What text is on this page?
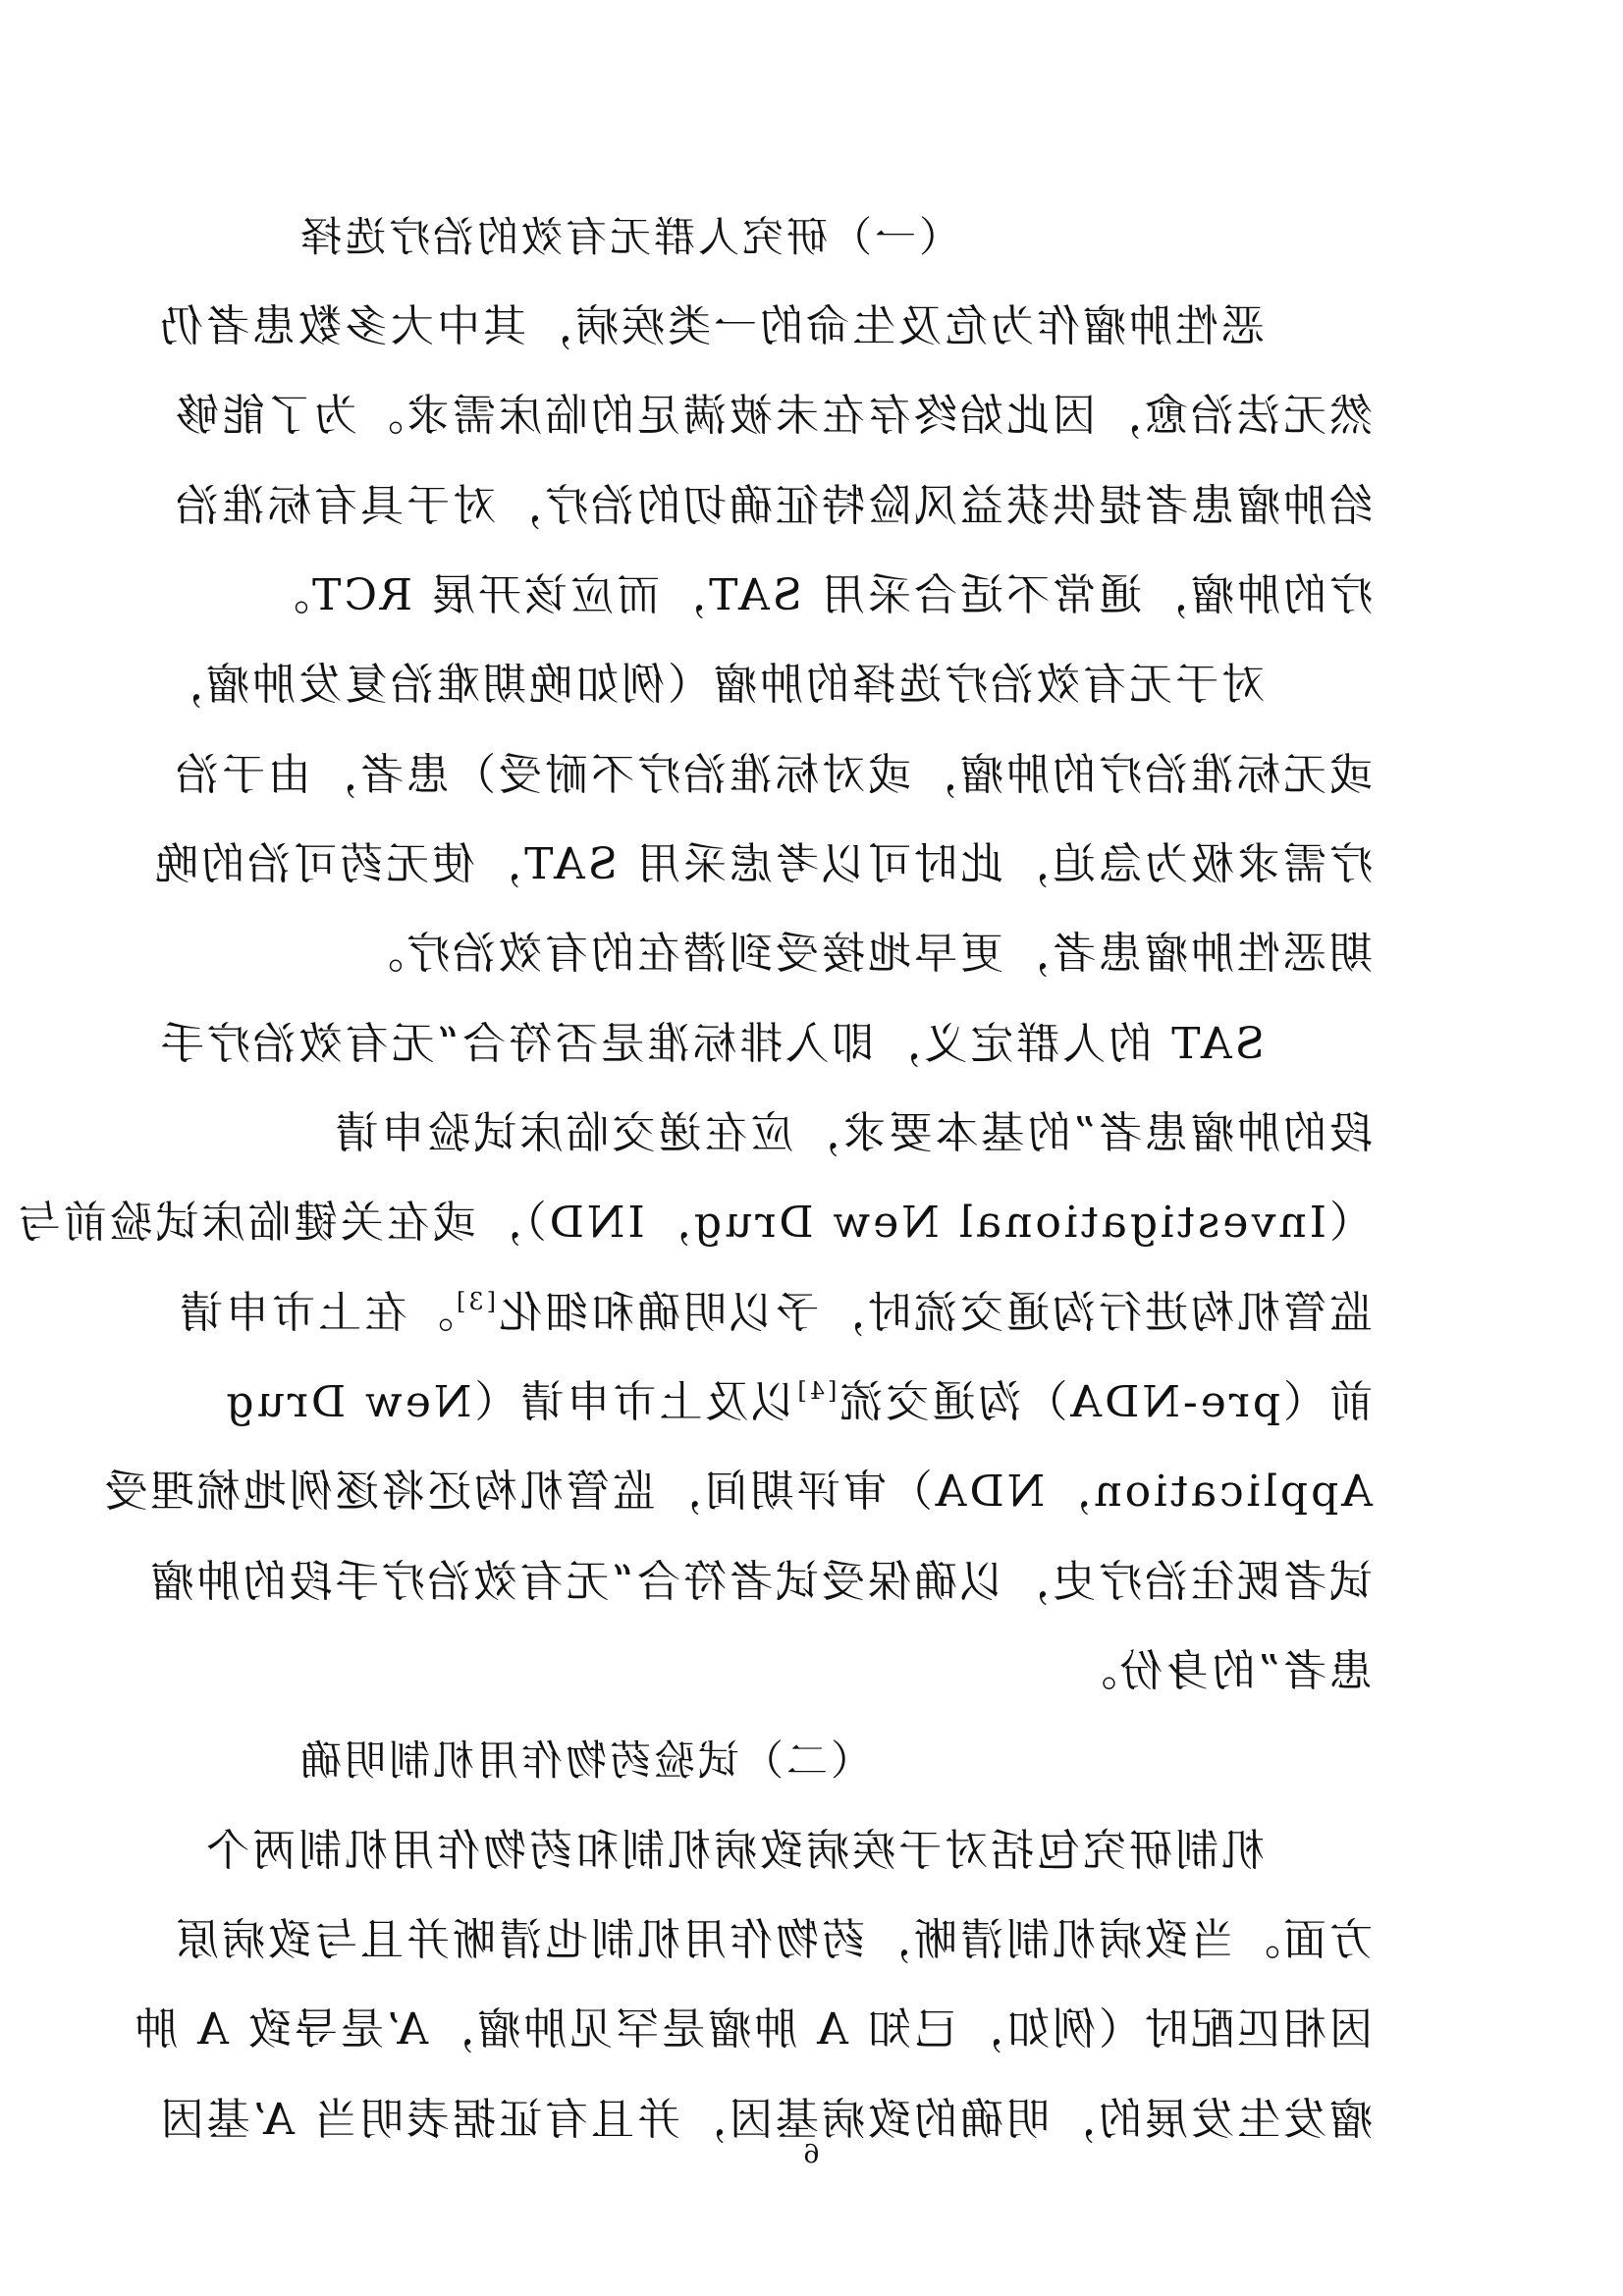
（一）研究人群无有效的治疗选择
恶性肿瘤作为危及生命的一类疾病，其中大多数患者仍
然无法治愈，因此始终存在未被满足的临床需求。为了能够
给肿瘤患者提供获益风险特征确切的治疗，对于具有标准治
疗的肿瘤，通常不适合采用 SAT，而应该开展 RCT。
对于无有效治疗选择的肿瘤（例如晚期难治复发肿瘤，
或无标准治疗的肿瘤，或对标准治疗不耐受）患者，由于治
疗需求极为急迫，此时可以考虑采用 SAT，使无药可治的晚
期恶性肿瘤患者，更早地接受到潜在的有效治疗。
SAT 的人群定义，即入排标准是否符合“无有效治疗手
段的肿瘤患者”的基本要求，应在递交临床试验申请
（Investigational New Drug，IND），或在关键临床试验前与
监管机构进行沟通交流时，予以明确和细化[3]。在上市申请
前（pre-NDA）沟通交流[4]以及上市申请（New Drug
Application，NDA）审评期间，监管机构还将逐例地梳理受
试者既往治疗史，以确保受试者符合“无有效治疗手段的肿瘤
患者”的身份。
（二）试验药物作用机制明确
机制研究包括对于疾病致病机制和药物作用机制两个
方面。当致病机制清晰，药物作用机制也清晰并且与致病原
因相匹配时（例如，已知 A 肿瘤是罕见肿瘤，A’是导致 A 肿
瘤发生发展的，明确的致病基因，并且有证据表明当 A’基因
6
